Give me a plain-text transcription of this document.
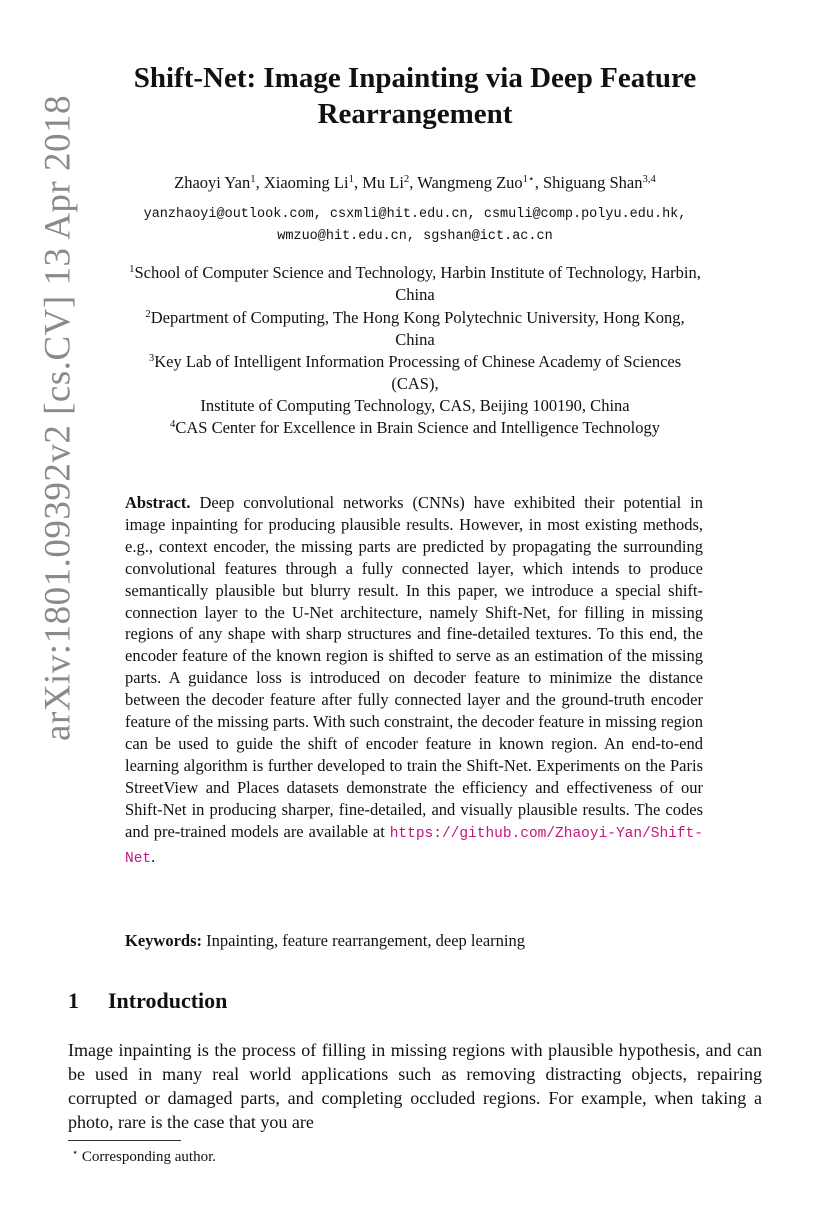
arXiv:1801.09392v2 [cs.CV] 13 Apr 2018
Shift-Net: Image Inpainting via Deep Feature
Rearrangement
Zhaoyi Yan$^1$, Xiaoming Li$^1$, Mu Li$^2$, Wangmeng Zuo$^{1⋆}$, Shiguang Shan$^{3,4}$
yanzhaoyi@outlook.com, csxmli@hit.edu.cn, csmuli@comp.polyu.edu.hk,
wmzuo@hit.edu.cn, sgshan@ict.ac.cn
$^1$School of Computer Science and Technology, Harbin Institute of Technology, Harbin,
China
$^2$Department of Computing, The Hong Kong Polytechnic University, Hong Kong,
China
$^3$Key Lab of Intelligent Information Processing of Chinese Academy of Sciences
(CAS),
Institute of Computing Technology, CAS, Beijing 100190, China
$^4$CAS Center for Excellence in Brain Science and Intelligence Technology
Abstract. Deep convolutional networks (CNNs) have exhibited their potential in image inpainting for producing plausible results. However, in most existing methods, e.g., context encoder, the missing parts are predicted by propagating the surrounding convolutional features through a fully connected layer, which intends to produce semantically plausible but blurry result. In this paper, we introduce a special shift-connection layer to the U-Net architecture, namely Shift-Net, for filling in missing regions of any shape with sharp structures and fine-detailed textures. To this end, the encoder feature of the known region is shifted to serve as an estimation of the missing parts. A guidance loss is introduced on decoder feature to minimize the distance between the decoder feature after fully connected layer and the ground-truth encoder feature of the missing parts. With such constraint, the decoder feature in missing region can be used to guide the shift of encoder feature in known region. An end-to-end learning algorithm is further developed to train the Shift-Net. Experiments on the Paris StreetView and Places datasets demonstrate the efficiency and effectiveness of our Shift-Net in producing sharper, fine-detailed, and visually plausible results. The codes and pre-trained models are available at https://github.com/Zhaoyi-Yan/Shift-Net.
Keywords: Inpainting, feature rearrangement, deep learning
1 Introduction
Image inpainting is the process of filling in missing regions with plausible hypothesis, and can be used in many real world applications such as removing distracting objects, repairing corrupted or damaged parts, and completing occluded regions. For example, when taking a photo, rare is the case that you are
⋆ Corresponding author.
